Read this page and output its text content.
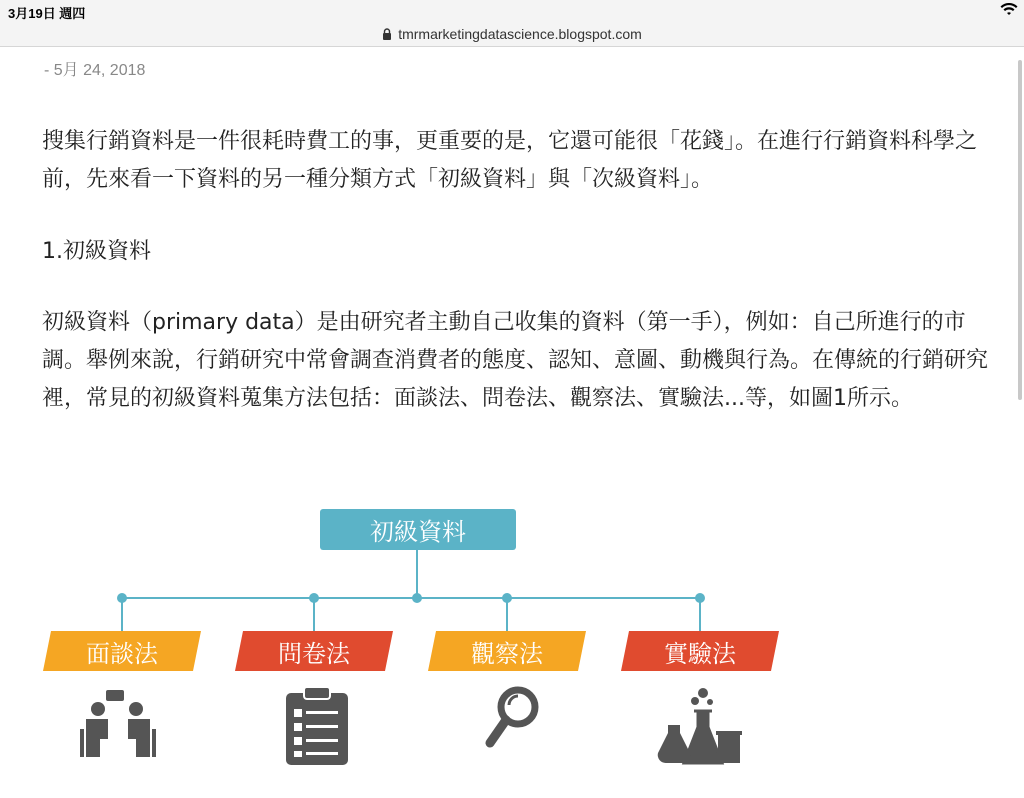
3月19日 週四
tmrmarketingdatascience.blogspot.com
- 5月 24, 2018
搜集行銷資料是一件很耗時費工的事，更重要的是，它還可能很「花錢」。在進行行銷資料科學之前，先來看一下資料的另一種分類方式「初級資料」與「次級資料」。
1.初級資料
初級資料（primary data）是由研究者主動自己收集的資料（第一手），例如：自己所進行的市調。舉例來說，行銷研究中常會調查消費者的態度、認知、意圖、動機與行為。在傳統的行銷研究裡，常見的初級資料蒐集方法包括：面談法、問卷法、觀察法、實驗法...等，如圖1所示。
初級資料
面談法	問卷法	觀察法	實驗法
